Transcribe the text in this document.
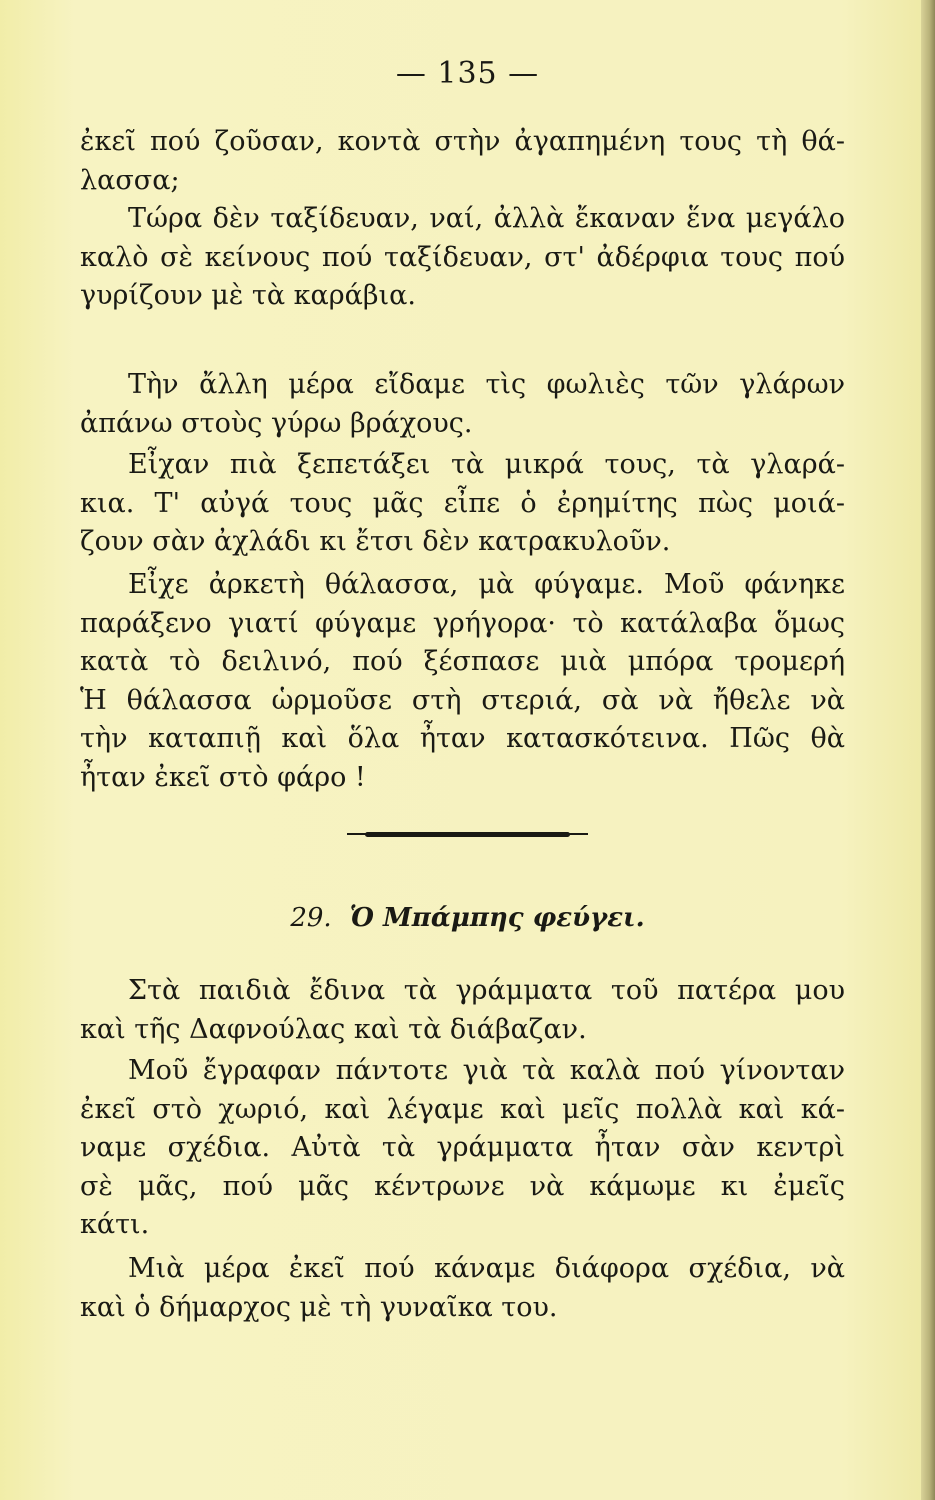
— 135 —
ἐκεῖ πού ζοῦσαν, κοντὰ στὴν ἀγαπημένη τους τὴ θά-
λασσα;
Τώρα δὲν ταξίδευαν, ναί, ἀλλὰ ἔκαναν ἕνα μεγάλο
καλὸ σὲ κείνους πού ταξίδευαν, στ' ἀδέρφια τους πού
γυρίζουν μὲ τὰ καράβια.
Τὴν ἄλλη μέρα εἴδαμε τὶς φωλιὲς τῶν γλάρων
ἀπάνω στοὺς γύρω βράχους.
Εἶχαν πιὰ ξεπετάξει τὰ μικρά τους, τὰ γλαρά-
κια. Τ' αὐγά τους μᾶς εἶπε ὁ ἐρημίτης πὼς μοιά-
ζουν σὰν ἀχλάδι κι ἔτσι δὲν κατρακυλοῦν.
Εἶχε ἀρκετὴ θάλασσα, μὰ φύγαμε. Μοῦ φάνηκε
παράξενο γιατί φύγαμε γρήγορα· τὸ κατάλαβα ὅμως
κατὰ τὸ δειλινό, πού ξέσπασε μιὰ μπόρα τρομερή
Ἡ θάλασσα ὡρμοῦσε στὴ στεριά, σὰ νὰ ἤθελε νὰ
τὴν καταπιῇ καὶ ὅλα ἦταν κατασκότεινα. Πῶς θὰ
ἦταν ἐκεῖ στὸ φάρο !
29. Ὁ Μπάμπης φεύγει.
Στὰ παιδιὰ ἔδινα τὰ γράμματα τοῦ πατέρα μου
καὶ τῆς Δαφνούλας καὶ τὰ διάβαζαν.
Μοῦ ἔγραφαν πάντοτε γιὰ τὰ καλὰ πού γίνονταν
ἐκεῖ στὸ χωριό, καὶ λέγαμε καὶ μεῖς πολλὰ καὶ κά-
ναμε σχέδια. Αὐτὰ τὰ γράμματα ἦταν σὰν κεντρὶ
σὲ μᾶς, πού μᾶς κέντρωνε νὰ κάμωμε κι ἐμεῖς
κάτι.
Μιὰ μέρα ἐκεῖ πού κάναμε διάφορα σχέδια, νὰ
καὶ ὁ δήμαρχος μὲ τὴ γυναῖκα του.
